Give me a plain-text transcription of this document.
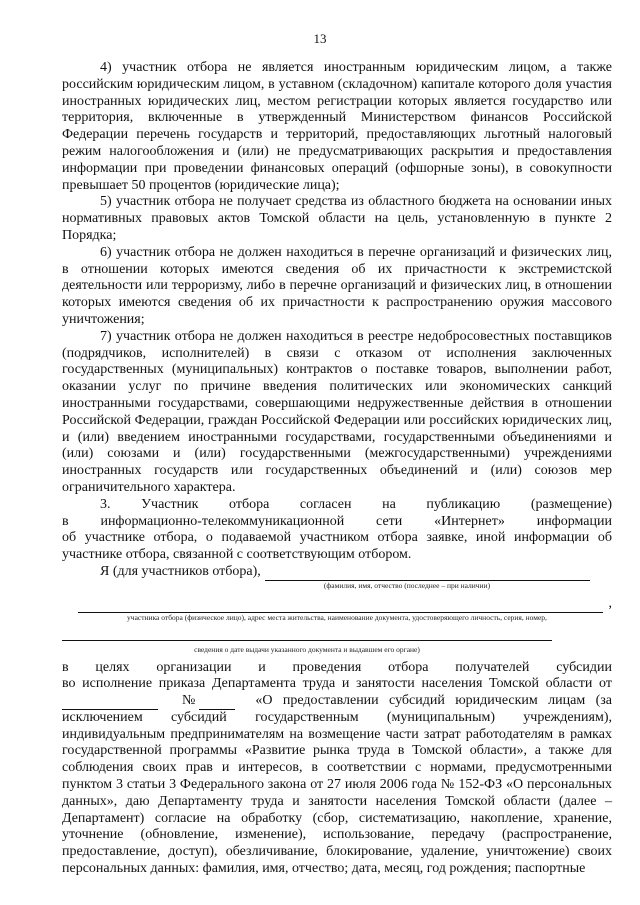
13

4) участник отбора не является иностранным юридическим лицом, а также российским юридическим лицом, в уставном (складочном) капитале которого доля участия иностранных юридических лиц, местом регистрации которых является государство или территория, включенные в утвержденный Министерством финансов Российской Федерации перечень государств и территорий, предоставляющих льготный налоговый режим налогообложения и (или) не предусматривающих раскрытия и предоставления информации при проведении финансовых операций (офшорные зоны), в совокупности превышает 50 процентов (юридические лица);

5) участник отбора не получает средства из областного бюджета на основании иных нормативных правовых актов Томской области на цель, установленную в пункте 2 Порядка;

6) участник отбора не должен находиться в перечне организаций и физических лиц, в отношении которых имеются сведения об их причастности к экстремистской деятельности или терроризму, либо в перечне организаций и физических лиц, в отношении которых имеются сведения об их причастности к распространению оружия массового уничтожения;

7) участник отбора не должен находиться в реестре недобросовестных поставщиков (подрядчиков, исполнителей) в связи с отказом от исполнения заключенных государственных (муниципальных) контрактов о поставке товаров, выполнении работ, оказании услуг по причине введения политических или экономических санкций иностранными государствами, совершающими недружественные действия в отношении Российской Федерации, граждан Российской Федерации или российских юридических лиц, и (или) введением иностранными государствами, государственными объединениями и (или) союзами и (или) государственными (межгосударственными) учреждениями иностранных государств или государственных объединений и (или) союзов мер ограничительного характера.

3. Участник отбора согласен на публикацию (размещение)

в информационно-телекоммуникационной сети «Интернет» информации

об участнике отбора, о подаваемой участником отбора заявке, иной информации об участнике отбора, связанной с соответствующим отбором.

Я (для участников отбора),
(фамилия, имя, отчество (последнее – при наличии)
,
участника отбора (физическое лицо), адрес места жительства, наименование документа, удостоверяющего личность, серия, номер,
сведения о дате выдачи указанного документа и выдавшем его органе)

в целях организации и проведения отбора получателей субсидии

во исполнение приказа Департамента труда и занятости населения Томской области от

№	«О предоставлении субсидий юридическим лицам (за

исключением субсидий государственным (муниципальным) учреждениям),

индивидуальным предпринимателям на возмещение части затрат работодателям в рамках государственной программы «Развитие рынка труда в Томской области», а также для соблюдения своих прав и интересов, в соответствии с нормами, предусмотренными пунктом 3 статьи 3 Федерального закона от 27 июля 2006 года № 152-ФЗ «О персональных данных», даю Департаменту труда и занятости населения Томской области (далее – Департамент) согласие на обработку (сбор, систематизацию, накопление, хранение, уточнение (обновление, изменение), использование, передачу (распространение, предоставление, доступ), обезличивание, блокирование, удаление, уничтожение) своих персональных данных: фамилия, имя, отчество; дата, месяц, год рождения; паспортные
